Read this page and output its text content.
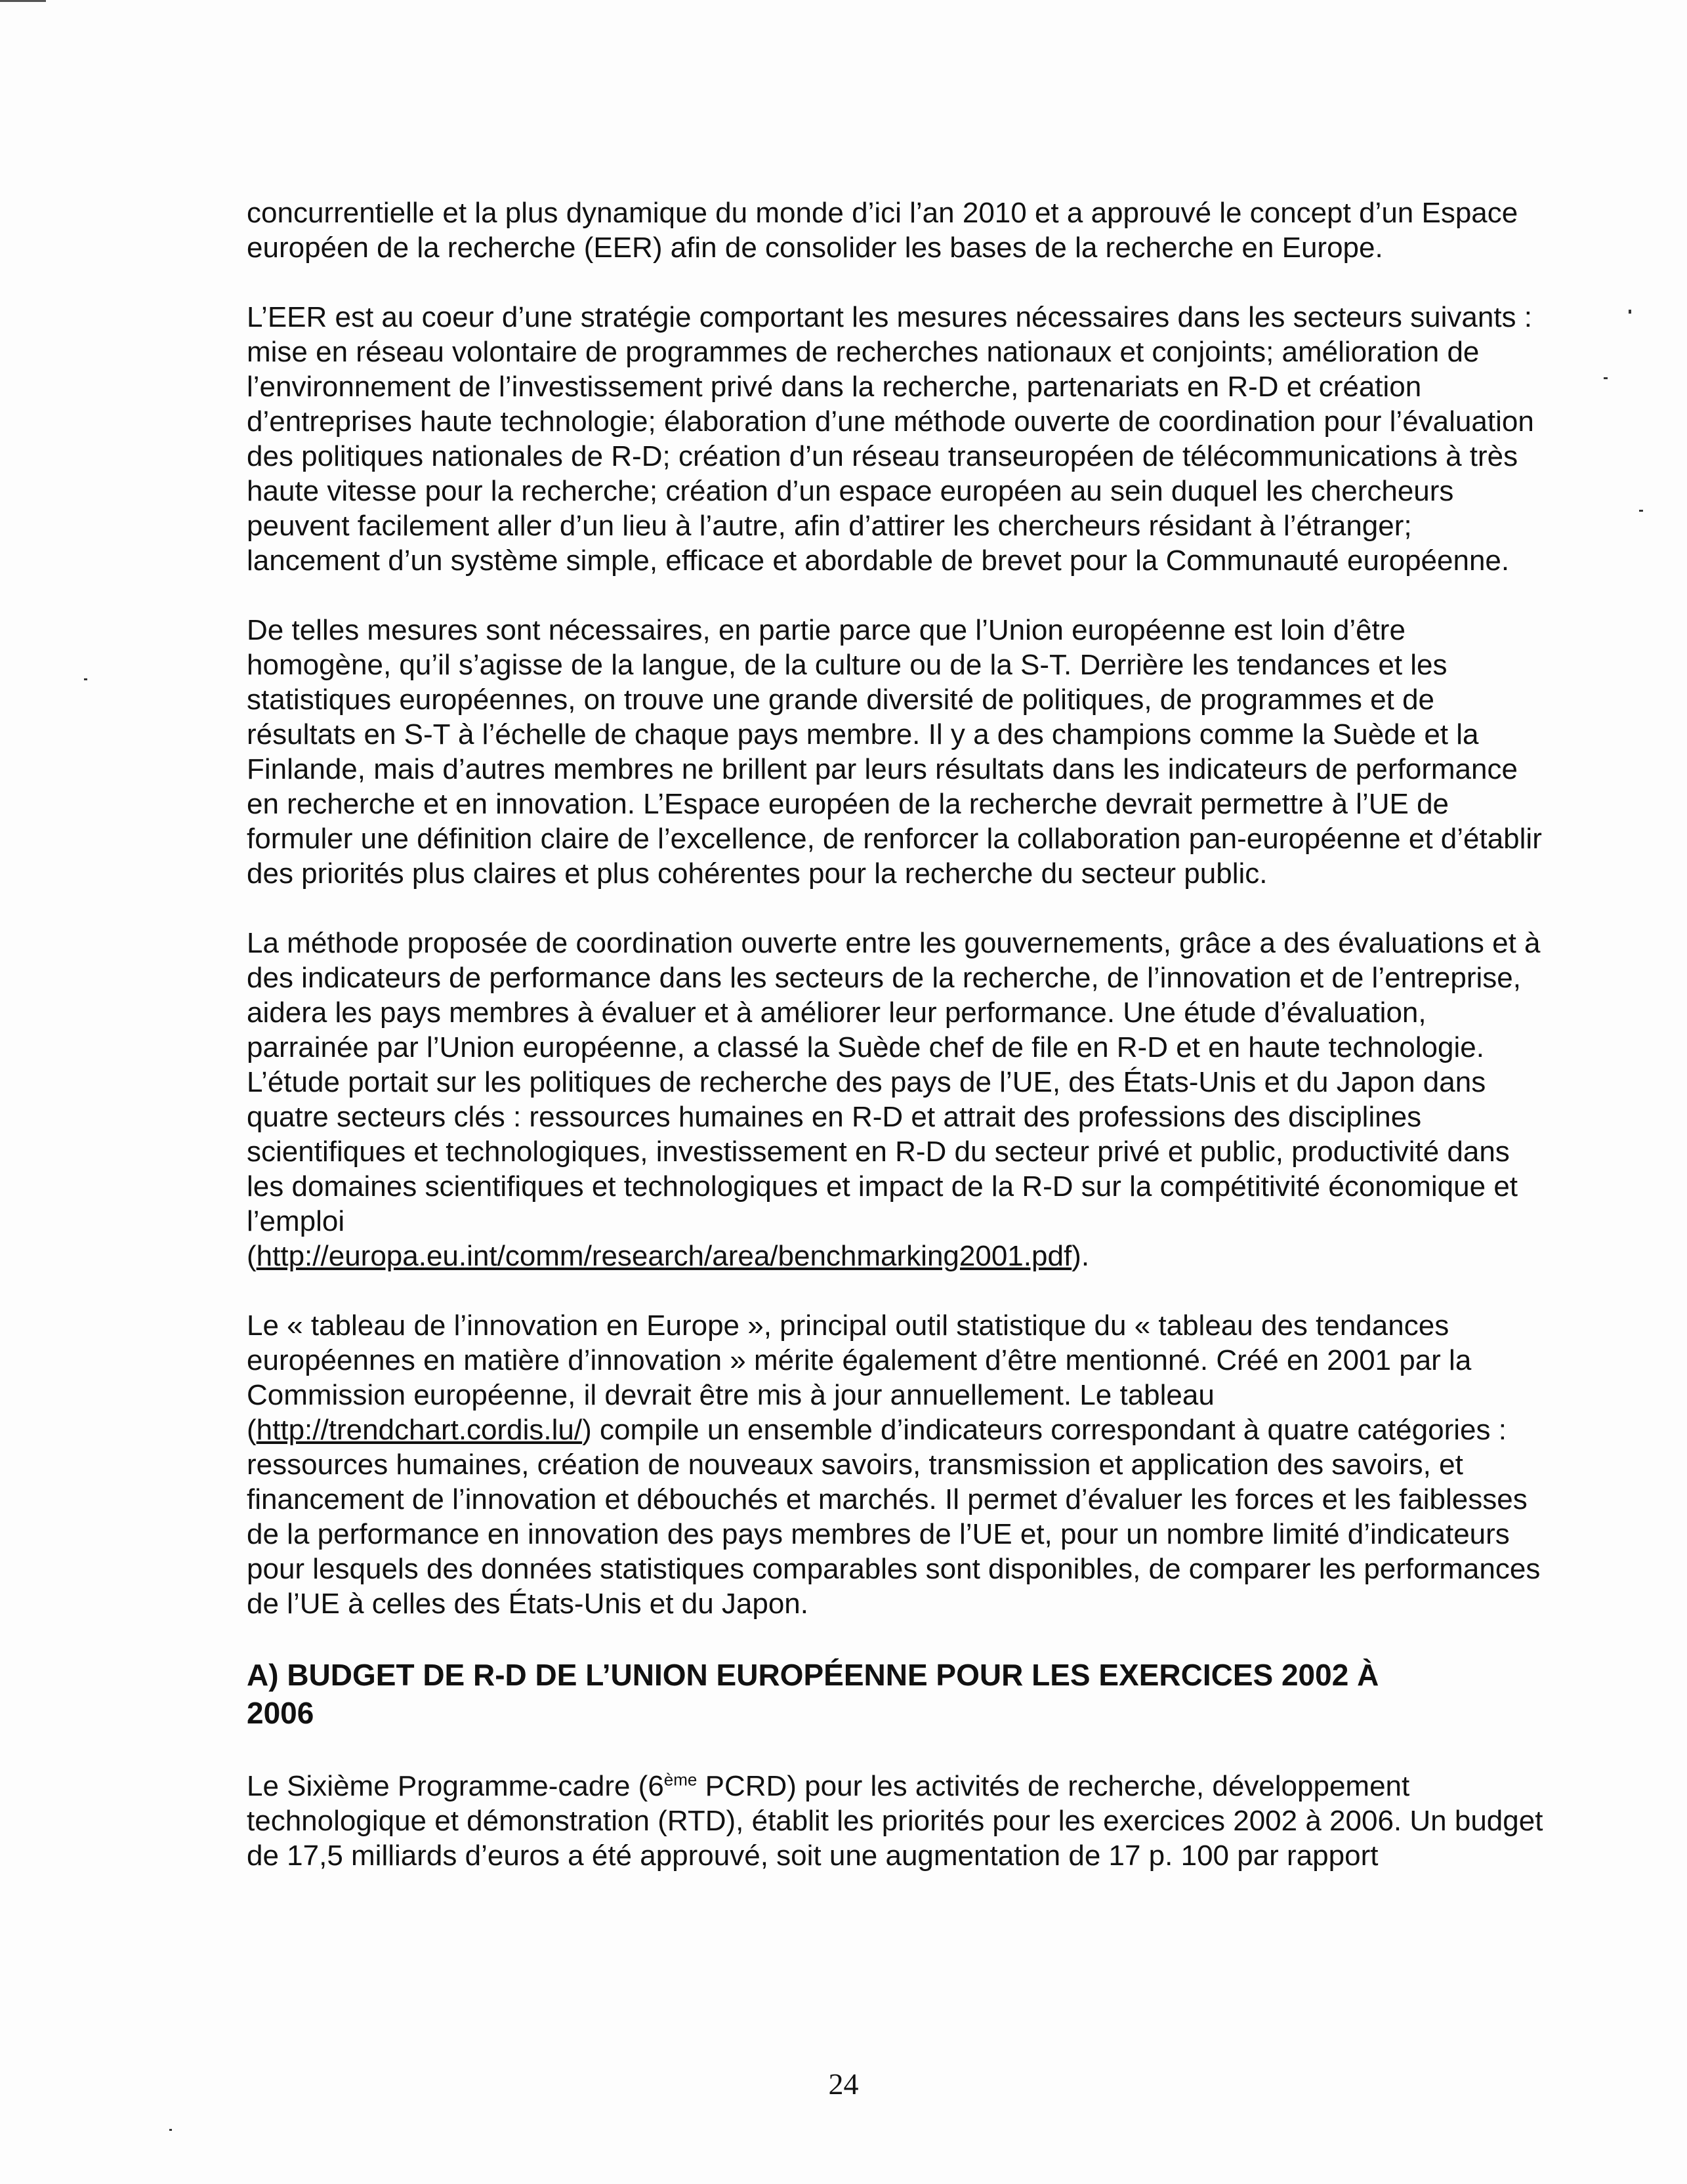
concurrentielle et la plus dynamique du monde d’ici l’an 2010 et a approuvé le concept d’un Espace européen de la recherche (EER) afin de consolider les bases de la recherche en Europe.

L’EER est au coeur d’une stratégie comportant les mesures nécessaires dans les secteurs suivants : mise en réseau volontaire de programmes de recherches nationaux et conjoints; amélioration de l’environnement de l’investissement privé dans la recherche, partenariats en R-D et création d’entreprises haute technologie; élaboration d’une méthode ouverte de coordination pour l’évaluation des politiques nationales de R-D; création d’un réseau transeuropéen de télécommunications à très haute vitesse pour la recherche; création d’un espace européen au sein duquel les chercheurs peuvent facilement aller d’un lieu à l’autre, afin d’attirer les chercheurs résidant à l’étranger; lancement d’un système simple, efficace et abordable de brevet pour la Communauté européenne.

De telles mesures sont nécessaires, en partie parce que l’Union européenne est loin d’être homogène, qu’il s’agisse de la langue, de la culture ou de la S-T. Derrière les tendances et les statistiques européennes, on trouve une grande diversité de politiques, de programmes et de résultats en S-T à l’échelle de chaque pays membre. Il y a des champions comme la Suède et la Finlande, mais d’autres membres ne brillent par leurs résultats dans les indicateurs de performance en recherche et en innovation. L’Espace européen de la recherche devrait permettre à l’UE de formuler une définition claire de l’excellence, de renforcer la collaboration pan-européenne et d’établir des priorités plus claires et plus cohérentes pour la recherche du secteur public.

La méthode proposée de coordination ouverte entre les gouvernements, grâce a des évaluations et à des indicateurs de performance dans les secteurs de la recherche, de l’innovation et de l’entreprise, aidera les pays membres à évaluer et à améliorer leur performance. Une étude d’évaluation, parrainée par l’Union européenne, a classé la Suède chef de file en R-D et en haute technologie. L’étude portait sur les politiques de recherche des pays de l’UE, des États-Unis et du Japon dans quatre secteurs clés : ressources humaines en R-D et attrait des professions des disciplines scientifiques et technologiques, investissement en R-D du secteur privé et public, productivité dans les domaines scientifiques et technologiques et impact de la R-D sur la compétitivité économique et l’emploi
(http://europa.eu.int/comm/research/area/benchmarking2001.pdf).

Le « tableau de l’innovation en Europe », principal outil statistique du « tableau des tendances européennes en matière d’innovation » mérite également d’être mentionné. Créé en 2001 par la Commission européenne, il devrait être mis à jour annuellement. Le tableau (http://trendchart.cordis.lu/) compile un ensemble d’indicateurs correspondant à quatre catégories : ressources humaines, création de nouveaux savoirs, transmission et application des savoirs, et financement de l’innovation et débouchés et marchés. Il permet d’évaluer les forces et les faiblesses de la performance en innovation des pays membres de l’UE et, pour un nombre limité d’indicateurs pour lesquels des données statistiques comparables sont disponibles, de comparer les performances de l’UE à celles des États-Unis et du Japon.

A) BUDGET DE R-D DE L’UNION EUROPÉENNE POUR LES EXERCICES 2002 À 2006

Le Sixième Programme-cadre (6ème PCRD) pour les activités de recherche, développement technologique et démonstration (RTD), établit les priorités pour les exercices 2002 à 2006. Un budget de 17,5 milliards d’euros a été approuvé, soit une augmentation de 17 p. 100 par rapport

24
